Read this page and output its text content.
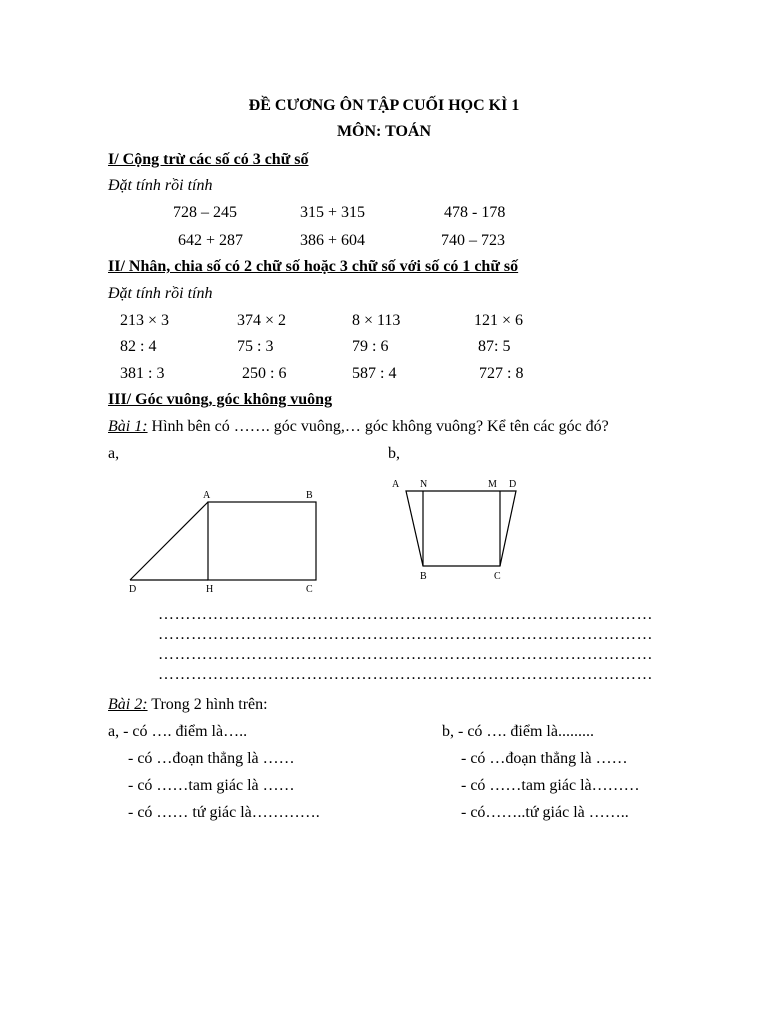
ĐỀ CƯƠNG ÔN TẬP CUỐI HỌC KÌ 1
MÔN: TOÁN
I/ Cộng trừ các số có 3 chữ số
Đặt tính rồi tính
728 – 245	315 + 315	478 - 178
642 + 287	386 + 604	740 – 723
II/ Nhân, chia số có 2 chữ số hoặc 3 chữ số với số có 1 chữ số
Đặt tính rồi tính
213 × 3	374 × 2	8 × 113	121 × 6
82 : 4	75 : 3	79 : 6	87: 5
381 : 3	250 : 6	587 : 4	727 : 8
III/ Góc vuông, góc không vuông
Bài 1: Hình bên có ……. góc vuông,… góc không vuông? Kể tên các góc đó?
a,	b,
A	B
D	H	C
A N	M D
B	C
………………………………………………………………………………
………………………………………………………………………………
………………………………………………………………………………
………………………………………………………………………………
Bài 2: Trong 2 hình trên:
a, - có …. điểm là…..
- có …đoạn thẳng là ……
- có ……tam giác là ……
- có …… tứ giác là………….
b, - có …. điểm là.........
- có …đoạn thẳng là ……
- có ……tam giác là………
- có……..tứ giác là ……..
